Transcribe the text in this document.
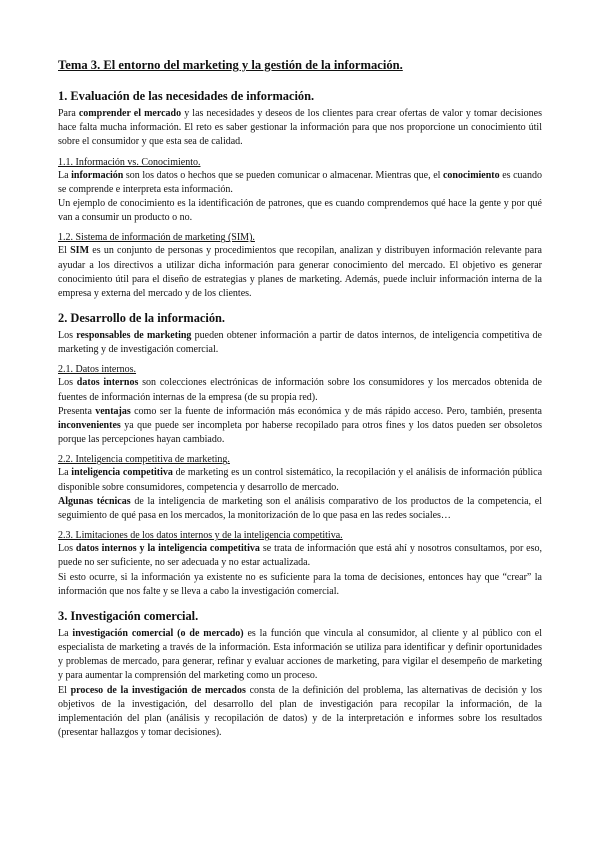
Tema 3. El entorno del marketing y la gestión de la información.
1. Evaluación de las necesidades de información.

Para comprender el mercado y las necesidades y deseos de los clientes para crear ofertas de valor y tomar decisiones hace falta mucha información. El reto es saber gestionar la información para que nos proporcione un conocimiento útil sobre el consumidor y que esta sea de calidad.

1.1. Información vs. Conocimiento.

La información son los datos o hechos que se pueden comunicar o almacenar. Mientras que, el conocimiento es cuando se comprende e interpreta esta información.

Un ejemplo de conocimiento es la identificación de patrones, que es cuando comprendemos qué hace la gente y por qué van a consumir un producto o no.

1.2. Sistema de información de marketing (SIM).

El SIM es un conjunto de personas y procedimientos que recopilan, analizan y distribuyen información relevante para ayudar a los directivos a utilizar dicha información para generar conocimiento del mercado. El objetivo es generar conocimiento útil para el diseño de estrategias y planes de marketing. Además, puede incluir información interna de la empresa y externa del mercado y de los clientes.

2. Desarrollo de la información.

Los responsables de marketing pueden obtener información a partir de datos internos, de inteligencia competitiva de marketing y de investigación comercial.

2.1. Datos internos.

Los datos internos son colecciones electrónicas de información sobre los consumidores y los mercados obtenida de fuentes de información internas de la empresa (de su propia red).

Presenta ventajas como ser la fuente de información más económica y de más rápido acceso. Pero, también, presenta inconvenientes ya que puede ser incompleta por haberse recopilado para otros fines y los datos pueden ser obsoletos porque las percepciones hayan cambiado.

2.2. Inteligencia competitiva de marketing.

La inteligencia competitiva de marketing es un control sistemático, la recopilación y el análisis de información pública disponible sobre consumidores, competencia y desarrollo de mercado.

Algunas técnicas de la inteligencia de marketing son el análisis comparativo de los productos de la competencia, el seguimiento de qué pasa en los mercados, la monitorización de lo que pasa en las redes sociales…

2.3. Limitaciones de los datos internos y de la inteligencia competitiva.

Los datos internos y la inteligencia competitiva se trata de información que está ahí y nosotros consultamos, por eso, puede no ser suficiente, no ser adecuada y no estar actualizada.

Si esto ocurre, si la información ya existente no es suficiente para la toma de decisiones, entonces hay que “crear” la información que nos falte y se lleva a cabo la investigación comercial.

3. Investigación comercial.

La investigación comercial (o de mercado) es la función que vincula al consumidor, al cliente y al público con el especialista de marketing a través de la información. Esta información se utiliza para identificar y definir oportunidades y problemas de mercado, para generar, refinar y evaluar acciones de marketing, para vigilar el desempeño de marketing y para aumentar la comprensión del marketing como un proceso.

El proceso de la investigación de mercados consta de la definición del problema, las alternativas de decisión y los objetivos de la investigación, del desarrollo del plan de investigación para recopilar la información, de la implementación del plan (análisis y recopilación de datos) y de la interpretación e informes sobre los resultados (presentar hallazgos y tomar decisiones).
